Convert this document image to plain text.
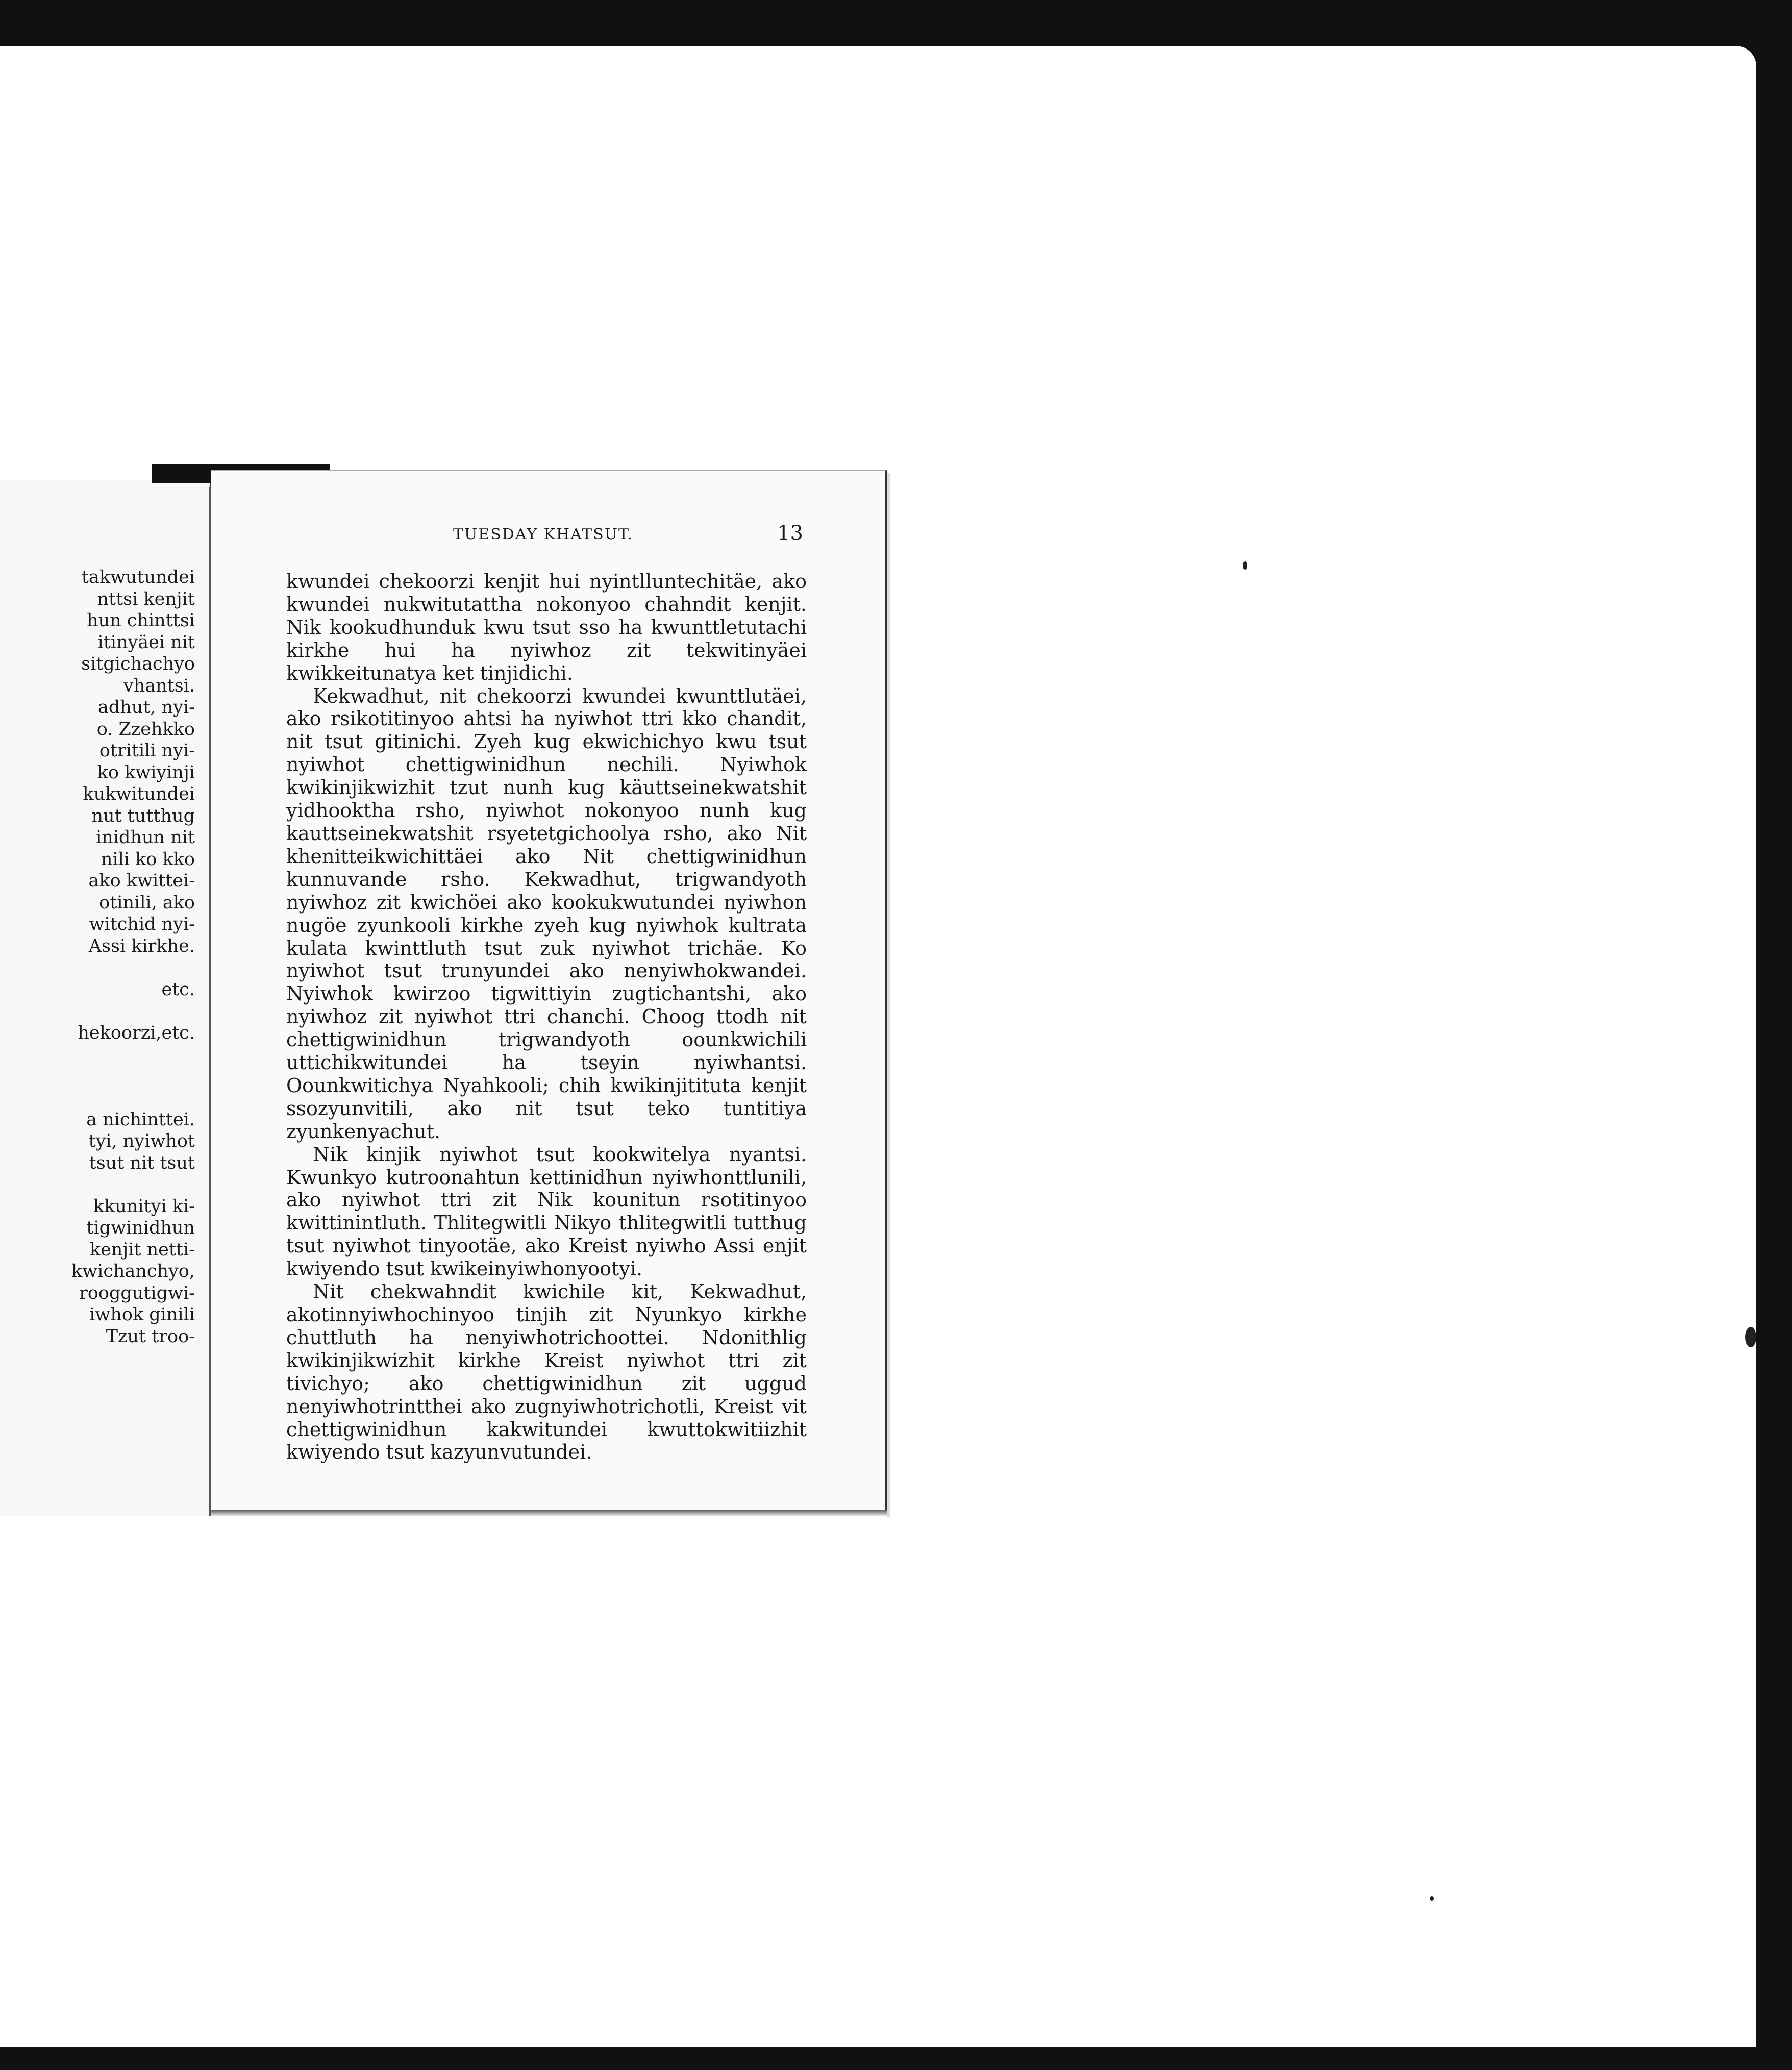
takwutundei
nttsi kenjit
hun chinttsi
itinyäei nit
sitgichachyo
vhantsi.
adhut, nyi-
o. Zzehkko
otritili nyi-
ko kwiyinji
kukwitundei
nut tutthug
inidhun nit
nili ko kko
ako kwittei-
otinili, ako
witchid nyi-
Assi kirkhe.
etc.
hekoorzi,etc.
a nichinttei.
tyi, nyiwhot
tsut nit tsut
kkunityi ki-
tigwinidhun
kenjit netti-
kwichanchyo,
rooggutigwi-
iwhok ginili
Tzut troo-
TUESDAY KHATSUT.	13

kwundei chekoorzi kenjit hui nyintlluntechitäe, ako kwundei nukwitutattha nokonyoo chahndit kenjit. Nik kookudhunduk kwu tsut sso ha kwunttletutachi kirkhe hui ha nyiwhoz zit tekwitinyäei kwikkeitunatya ket tinjidichi.

Kekwadhut, nit chekoorzi kwundei kwunttlutäei, ako rsikotitinyoo ahtsi ha nyiwhot ttri kko chandit, nit tsut gitinichi. Zyeh kug ekwichichyo kwu tsut nyiwhot chettigwinidhun nechili. Nyiwhok kwikinjikwizhit tzut nunh kug käuttseinekwatshit yidhooktha rsho, nyiwhot nokonyoo nunh kug kauttseinekwatshit rsyetetgichoolya rsho, ako Nit khenitteikwichittäei ako Nit chettigwinidhun kunnuvande rsho. Kekwadhut, trigwandyoth nyiwhoz zit kwichöei ako kookukwutundei nyiwhon nugöe zyunkooli kirkhe zyeh kug nyiwhok kultrata kulata kwinttluth tsut zuk nyiwhot trichäe. Ko nyiwhot tsut trunyundei ako nenyiwhokwandei. Nyiwhok kwirzoo tigwittiyin zugtichantshi, ako nyiwhoz zit nyiwhot ttri chanchi. Choog ttodh nit chettigwinidhun trigwandyoth oounkwichili uttichikwitundei ha tseyin nyiwhantsi. Oounkwitichya Nyahkooli; chih kwikinjitituta kenjit ssozyunvitili, ako nit tsut teko tuntitiya zyunkenyachut.

Nik kinjik nyiwhot tsut kookwitelya nyantsi. Kwunkyo kutroonahtun kettinidhun nyiwhonttlunili, ako nyiwhot ttri zit Nik kounitun rsotitinyoo kwittinintluth. Thlitegwitli Nikyo thlitegwitli tutthug tsut nyiwhot tinyootäe, ako Kreist nyiwho Assi enjit kwiyendo tsut kwikeinyiwhonyootyi.

Nit chekwahndit kwichile kit, Kekwadhut, akotinnyiwhochinyoo tinjih zit Nyunkyo kirkhe chuttluth ha nenyiwhotrichoottei. Ndonithlig kwikinjikwizhit kirkhe Kreist nyiwhot ttri zit tivichyo; ako chettigwinidhun zit uggud nenyiwhotrintthei ako zugnyiwhotrichotli, Kreist vit chettigwinidhun kakwitundei kwuttokwitiizhit kwiyendo tsut kazyunvutundei.
